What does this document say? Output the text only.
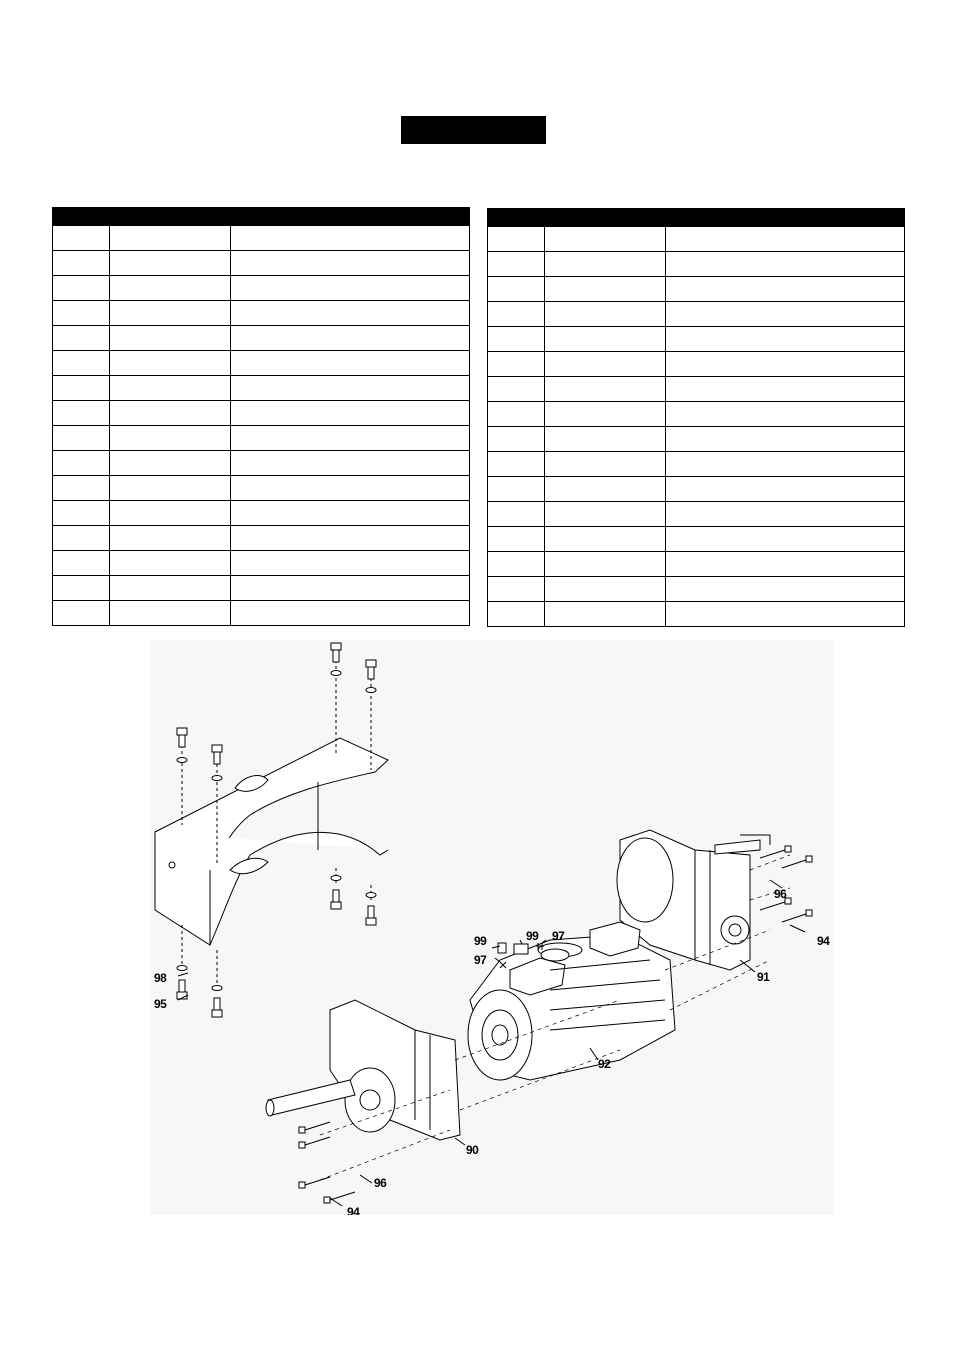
90
91
92
94
94
95
96
96
97
97
98
99	99
